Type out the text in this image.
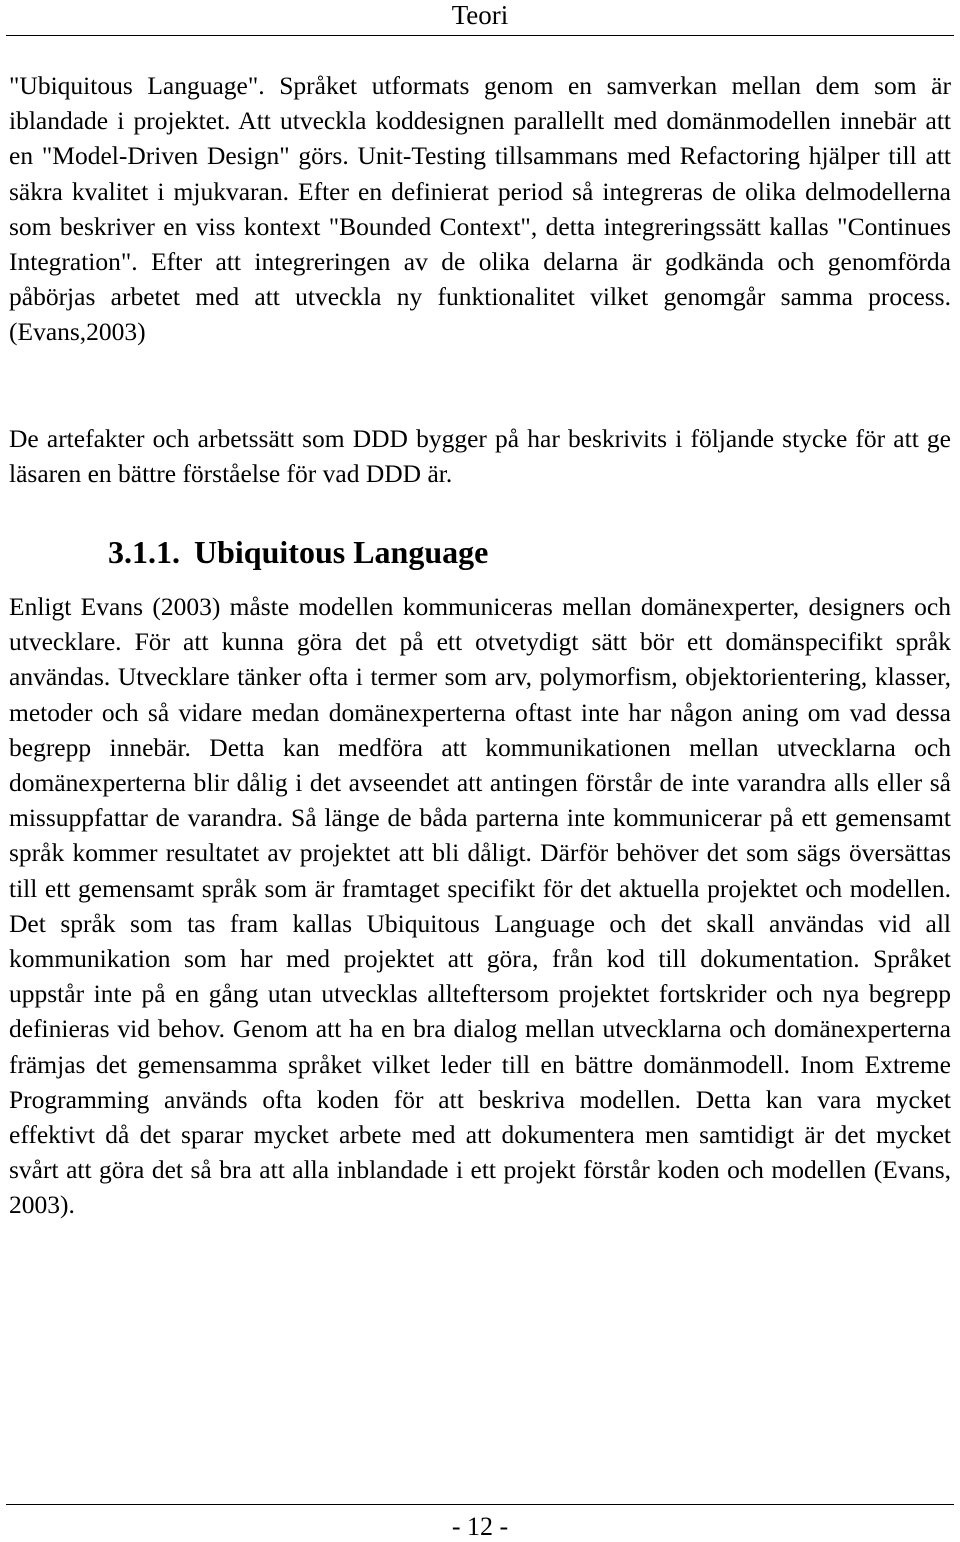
Teori

"Ubiquitous Language". Språket utformats genom en samverkan mellan dem som är iblandade i projektet. Att utveckla koddesignen parallellt med domänmodellen innebär att en "Model-Driven Design" görs. Unit-Testing tillsammans med Refactoring hjälper till att säkra kvalitet i mjukvaran. Efter en definierat period så integreras de olika delmodellerna som beskriver en viss kontext "Bounded Context", detta integreringssätt kallas "Continues Integration". Efter att integreringen av de olika delarna är godkända och genomförda påbörjas arbetet med att utveckla ny funktionalitet vilket genomgår samma process. (Evans,2003)

De artefakter och arbetssätt som DDD bygger på har beskrivits i följande stycke för att ge läsaren en bättre förståelse för vad DDD är.

3.1.1. Ubiquitous Language

Enligt Evans (2003) måste modellen kommuniceras mellan domänexperter, designers och utvecklare. För att kunna göra det på ett otvetydigt sätt bör ett domänspecifikt språk användas. Utvecklare tänker ofta i termer som arv, polymorfism, objektorientering, klasser, metoder och så vidare medan domänexperterna oftast inte har någon aning om vad dessa begrepp innebär. Detta kan medföra att kommunikationen mellan utvecklarna och domänexperterna blir dålig i det avseendet att antingen förstår de inte varandra alls eller så missuppfattar de varandra. Så länge de båda parterna inte kommunicerar på ett gemensamt språk kommer resultatet av projektet att bli dåligt. Därför behöver det som sägs översättas till ett gemensamt språk som är framtaget specifikt för det aktuella projektet och modellen. Det språk som tas fram kallas Ubiquitous Language och det skall användas vid all kommunikation som har med projektet att göra, från kod till dokumentation. Språket uppstår inte på en gång utan utvecklas allteftersom projektet fortskrider och nya begrepp definieras vid behov. Genom att ha en bra dialog mellan utvecklarna och domänexperterna främjas det gemensamma språket vilket leder till en bättre domänmodell. Inom Extreme Programming används ofta koden för att beskriva modellen. Detta kan vara mycket effektivt då det sparar mycket arbete med att dokumentera men samtidigt är det mycket svårt att göra det så bra att alla inblandade i ett projekt förstår koden och modellen (Evans, 2003).

- 12 -
